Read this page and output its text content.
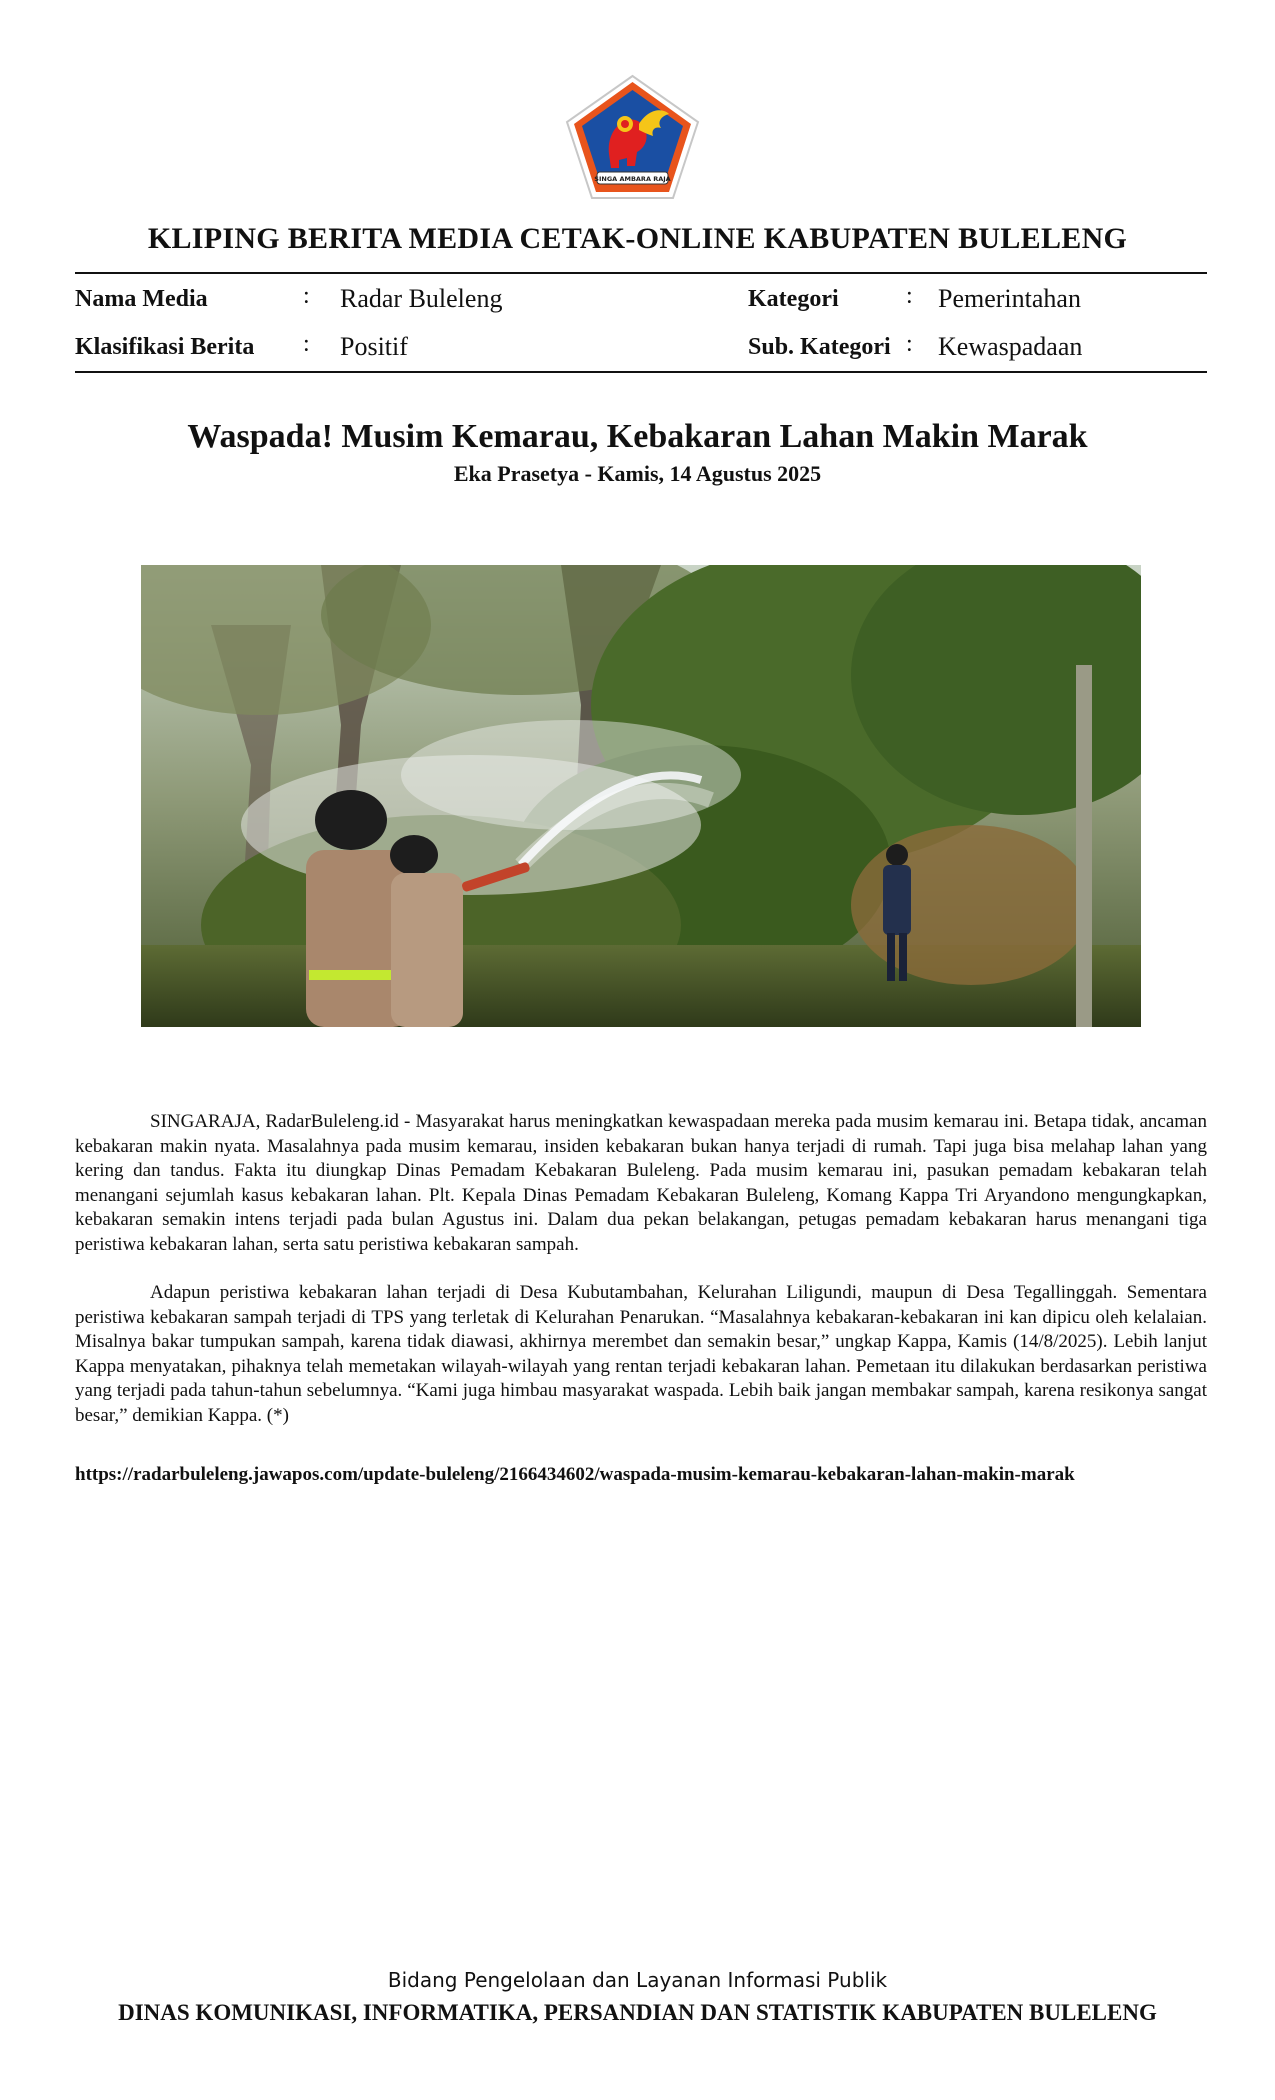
SINGA AMBARA RAJA
KLIPING BERITA MEDIA CETAK-ONLINE KABUPATEN BULELENG
Nama Media	: Radar Buleleng
Klasifikasi Berita : Positif
Kategori	: Pemerintahan
Sub. Kategori : Kewaspadaan
Waspada! Musim Kemarau, Kebakaran Lahan Makin Marak
Eka Prasetya - Kamis, 14 Agustus 2025

SINGARAJA, RadarBuleleng.id - Masyarakat harus meningkatkan kewaspadaan mereka pada musim kemarau ini. Betapa tidak, ancaman kebakaran makin nyata. Masalahnya pada musim kemarau, insiden kebakaran bukan hanya terjadi di rumah. Tapi juga bisa melahap lahan yang kering dan tandus. Fakta itu diungkap Dinas Pemadam Kebakaran Buleleng. Pada musim kemarau ini, pasukan pemadam kebakaran telah menangani sejumlah kasus kebakaran lahan. Plt. Kepala Dinas Pemadam Kebakaran Buleleng, Komang Kappa Tri Aryandono mengungkapkan, kebakaran semakin intens terjadi pada bulan Agustus ini. Dalam dua pekan belakangan, petugas pemadam kebakaran harus menangani tiga peristiwa kebakaran lahan, serta satu peristiwa kebakaran sampah.

Adapun peristiwa kebakaran lahan terjadi di Desa Kubutambahan, Kelurahan Liligundi, maupun di Desa Tegallinggah. Sementara peristiwa kebakaran sampah terjadi di TPS yang terletak di Kelurahan Penarukan. “Masalahnya kebakaran-kebakaran ini kan dipicu oleh kelalaian. Misalnya bakar tumpukan sampah, karena tidak diawasi, akhirnya merembet dan semakin besar,” ungkap Kappa, Kamis (14/8/2025). Lebih lanjut Kappa menyatakan, pihaknya telah memetakan wilayah-wilayah yang rentan terjadi kebakaran lahan. Pemetaan itu dilakukan berdasarkan peristiwa yang terjadi pada tahun-tahun sebelumnya. “Kami juga himbau masyarakat waspada. Lebih baik jangan membakar sampah, karena resikonya sangat besar,” demikian Kappa. (*)

https://radarbuleleng.jawapos.com/update-buleleng/2166434602/waspada-musim-kemarau-kebakaran-lahan-makin-marak
Bidang Pengelolaan dan Layanan Informasi Publik
DINAS KOMUNIKASI, INFORMATIKA, PERSANDIAN DAN STATISTIK KABUPATEN BULELENG
